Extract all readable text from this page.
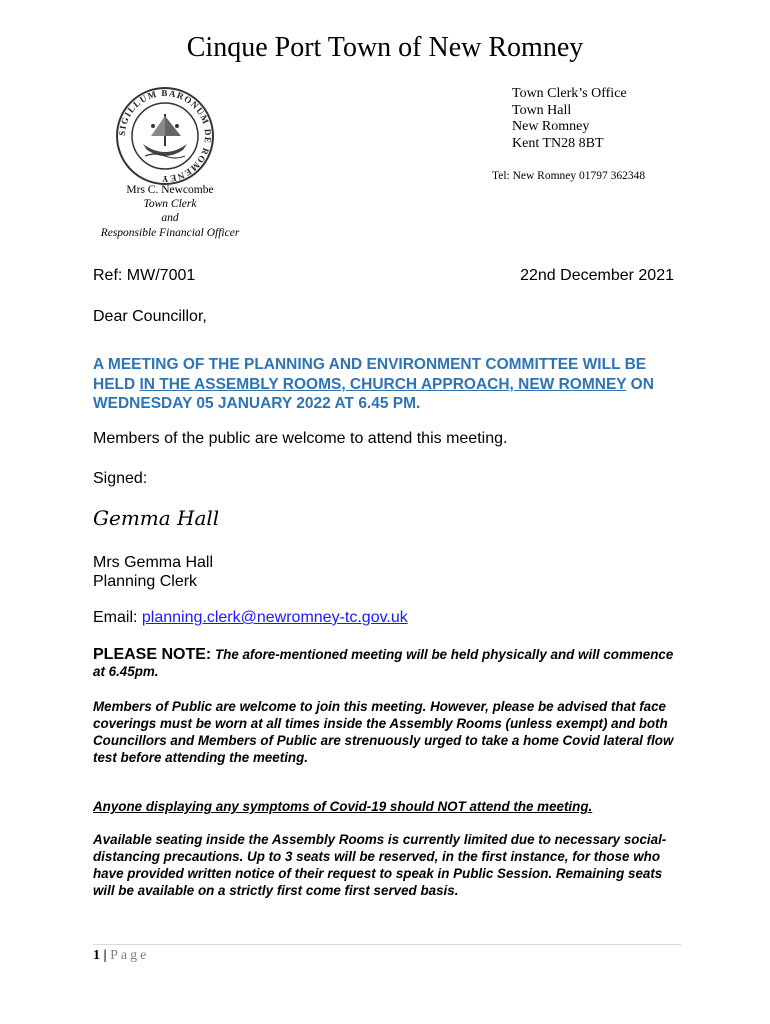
Cinque Port Town of New Romney
SIGILLUM BARONUM DE ROMENEY
Town Clerk’s Office
Town Hall
New Romney
Kent TN28 8BT
Tel: New Romney 01797 362348
Mrs C. Newcombe
Town Clerk
and
Responsible Financial Officer
Ref: MW/7001	22nd December 2021
Dear Councillor,
A MEETING OF THE PLANNING AND ENVIRONMENT COMMITTEE WILL BE HELD IN THE ASSEMBLY ROOMS, CHURCH APPROACH, NEW ROMNEY ON WEDNESDAY 05 JANUARY 2022 AT 6.45 PM.
Members of the public are welcome to attend this meeting.
Signed:
Gemma Hall
Mrs Gemma Hall
Planning Clerk
Email: planning.clerk@newromney-tc.gov.uk
PLEASE NOTE: The afore-mentioned meeting will be held physically and will commence at 6.45pm.
Members of Public are welcome to join this meeting. However, please be advised that face coverings must be worn at all times inside the Assembly Rooms (unless exempt) and both Councillors and Members of Public are strenuously urged to take a home Covid lateral flow test before attending the meeting.
Anyone displaying any symptoms of Covid-19 should NOT attend the meeting.
Available seating inside the Assembly Rooms is currently limited due to necessary social-distancing precautions. Up to 3 seats will be reserved, in the first instance, for those who have provided written notice of their request to speak in Public Session. Remaining seats will be available on a strictly first come first served basis.
1 | Page
